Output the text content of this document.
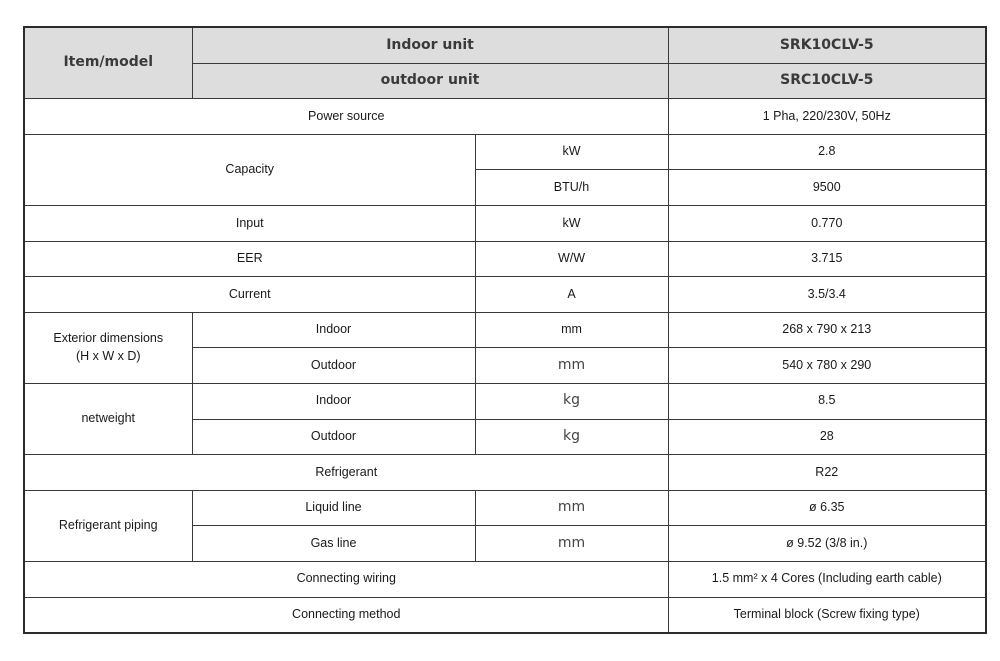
Item/model	Indoor unit		SRK10CLV-5
	outdoor unit		SRC10CLV-5
Power source			1 Pha, 220/230V, 50Hz
Capacity		kW	2.8
		BTU/h	9500
Input		kW	0.770
EER		W/W	3.715
Current		A	3.5/3.4

Exterior dimensions
(H x W x D)	Indoor	mm	268 x 790 x 213
	Outdoor	mm	540 x 780 x 290
netweight	Indoor	kg	8.5
	Outdoor	kg	28
Refrigerant			R22
Refrigerant piping	Liquid line	mm	ø 6.35
	Gas line	mm	ø 9.52 (3/8 in.)
Connecting wiring			1.5 mm² x 4 Cores (Including earth cable)
Connecting method			Terminal block (Screw fixing type)
